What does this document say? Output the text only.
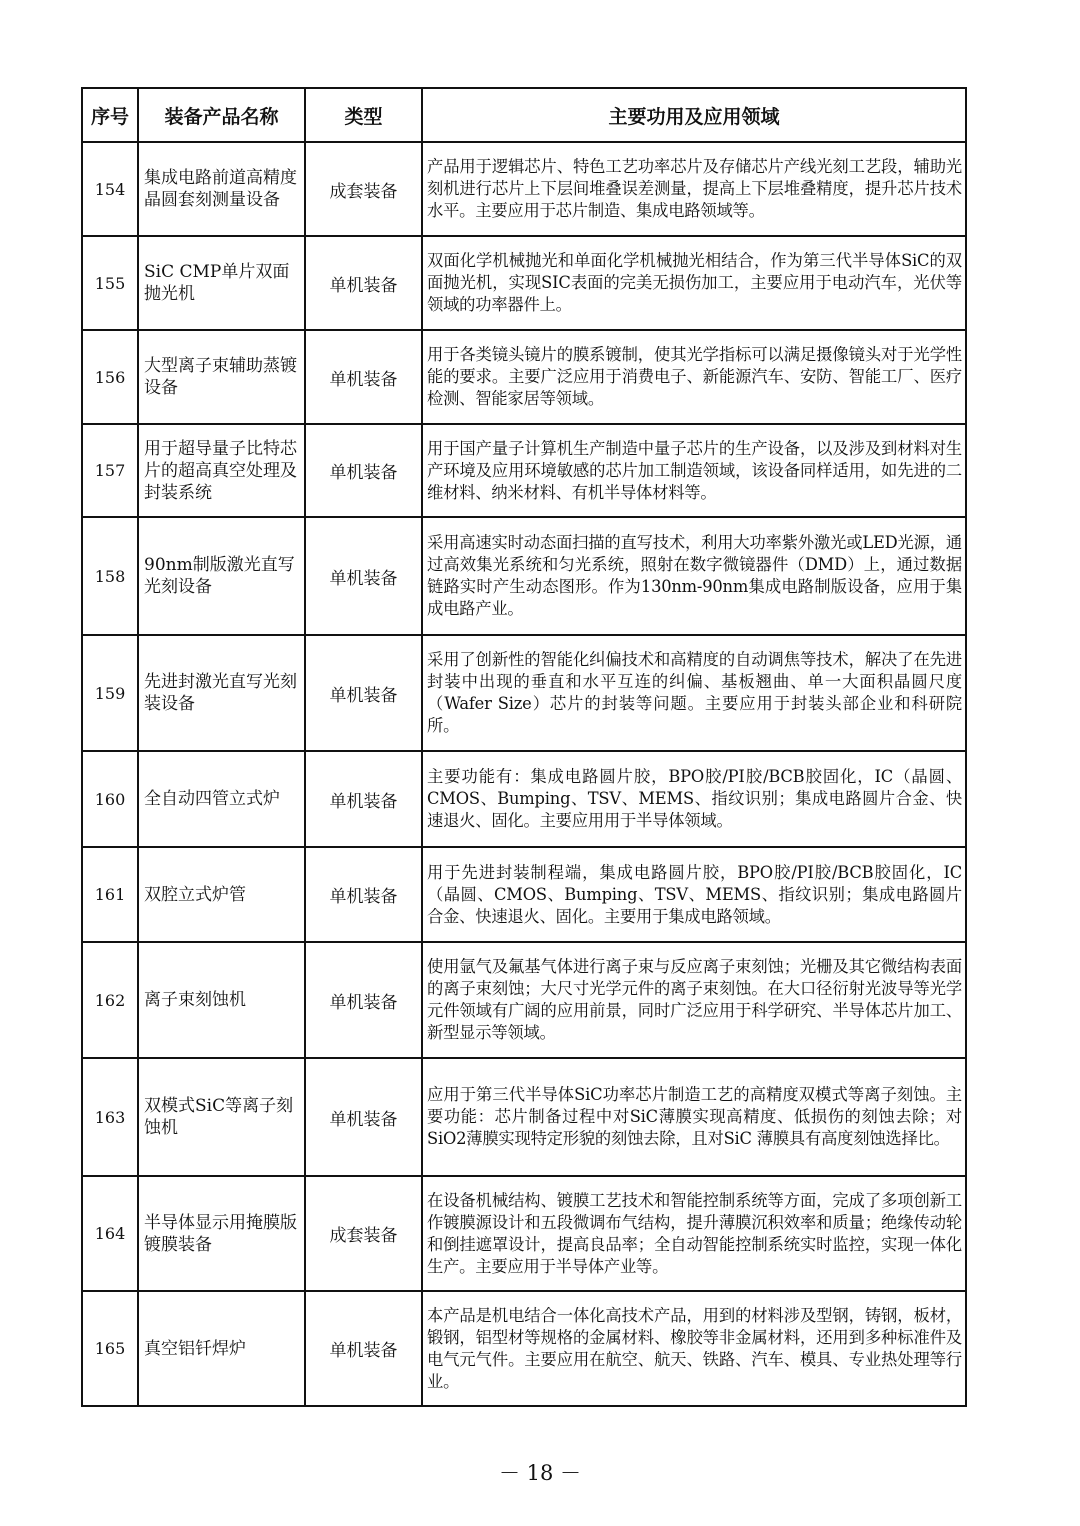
序号	装备产品名称	类型	主要功用及应用领域
154	集成电路前道高精度晶圆套刻测量设备	成套装备	产品用于逻辑芯片、特色工艺功率芯片及存储芯片产线光刻工艺段，辅助光刻机进行芯片上下层间堆叠误差测量，提高上下层堆叠精度，提升芯片技术水平。主要应用于芯片制造、集成电路领域等。
155	SiC CMP单片双面抛光机	单机装备	双面化学机械抛光和单面化学机械抛光相结合，作为第三代半导体SiC的双面抛光机，实现SIC表面的完美无损伤加工，主要应用于电动汽车，光伏等领域的功率器件上。
156	大型离子束辅助蒸镀设备	单机装备	用于各类镜头镜片的膜系镀制，使其光学指标可以满足摄像镜头对于光学性能的要求。主要广泛应用于消费电子、新能源汽车、安防、智能工厂、医疗检测、智能家居等领域。
157	用于超导量子比特芯片的超高真空处理及封装系统	单机装备	用于国产量子计算机生产制造中量子芯片的生产设备，以及涉及到材料对生产环境及应用环境敏感的芯片加工制造领域，该设备同样适用，如先进的二维材料、纳米材料、有机半导体材料等。
158	90nm制版激光直写光刻设备	单机装备	采用高速实时动态面扫描的直写技术，利用大功率紫外激光或LED光源，通过高效集光系统和匀光系统，照射在数字微镜器件（DMD）上，通过数据链路实时产生动态图形。作为130nm-90nm集成电路制版设备，应用于集成电路产业。
159	先进封激光直写光刻装设备	单机装备	采用了创新性的智能化纠偏技术和高精度的自动调焦等技术，解决了在先进封装中出现的垂直和水平互连的纠偏、基板翘曲、单一大面积晶圆尺度（Wafer Size）芯片的封装等问题。主要应用于封装头部企业和科研院所。
160	全自动四管立式炉	单机装备	主要功能有：集成电路圆片胶，BPO胶/PI胶/BCB胶固化，IC（晶圆、CMOS、Bumping、TSV、MEMS、指纹识别；集成电路圆片合金、快速退火、固化。主要应用用于半导体领域。
161	双腔立式炉管	单机装备	用于先进封装制程端，集成电路圆片胶，BPO胶/PI胶/BCB胶固化，IC（晶圆、CMOS、Bumping、TSV、MEMS、指纹识别；集成电路圆片合金、快速退火、固化。主要用于集成电路领域。
162	离子束刻蚀机	单机装备	使用氩气及氟基气体进行离子束与反应离子束刻蚀；光栅及其它微结构表面的离子束刻蚀；大尺寸光学元件的离子束刻蚀。在大口径衍射光波导等光学元件领域有广阔的应用前景，同时广泛应用于科学研究、半导体芯片加工、新型显示等领域。
163	双模式SiC等离子刻蚀机	单机装备	应用于第三代半导体SiC功率芯片制造工艺的高精度双模式等离子刻蚀。主要功能：芯片制备过程中对SiC薄膜实现高精度、低损伤的刻蚀去除；对SiO2薄膜实现特定形貌的刻蚀去除，且对SiC 薄膜具有高度刻蚀选择比。
164	半导体显示用掩膜版镀膜装备	成套装备	在设备机械结构、镀膜工艺技术和智能控制系统等方面，完成了多项创新工作镀膜源设计和五段微调布气结构，提升薄膜沉积效率和质量；绝缘传动轮和倒挂遮罩设计，提高良品率；全自动智能控制系统实时监控，实现一体化生产。主要应用于半导体产业等。
165	真空铝钎焊炉	单机装备	本产品是机电结合一体化高技术产品，用到的材料涉及型钢，铸钢，板材，锻钢，铝型材等规格的金属材料、橡胶等非金属材料，还用到多种标准件及电气元气件。主要应用在航空、航天、铁路、汽车、模具、专业热处理等行业。
－ 18 －
